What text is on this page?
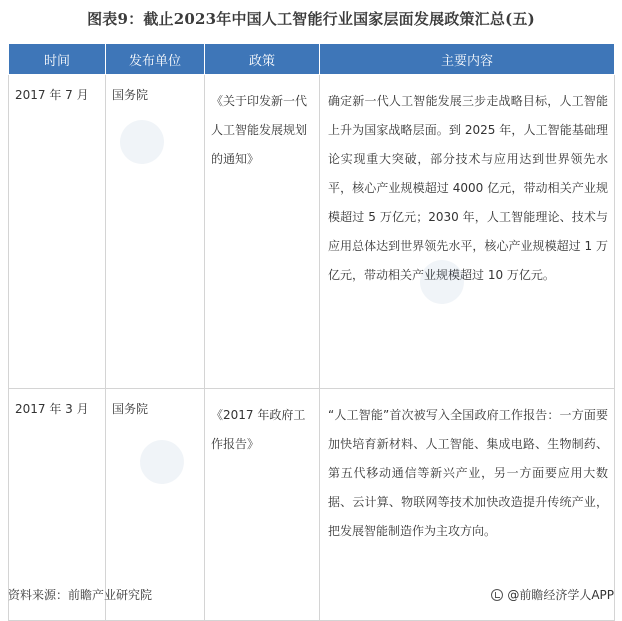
图表9：截止2023年中国人工智能行业国家层面发展政策汇总(五)
时间	发布单位	政策	主要内容
2017 年 7 月	国务院	《关于印发新一代人工智能发展规划的通知》	确定新一代人工智能发展三步走战略目标，人工智能上升为国家战略层面。到 2025 年，人工智能基础理论实现重大突破，部分技术与应用达到世界领先水平，核心产业规模超过 4000 亿元，带动相关产业规模超过 5 万亿元；2030 年，人工智能理论、技术与应用总体达到世界领先水平，核心产业规模超过 1 万亿元，带动相关产业规模超过 10 万亿元。
2017 年 3 月	国务院	《2017 年政府工作报告》	“人工智能”首次被写入全国政府工作报告：一方面要加快培育新材料、人工智能、集成电路、生物制药、第五代移动通信等新兴产业，另一方面要应用大数据、云计算、物联网等技术加快改造提升传统产业，把发展智能制造作为主攻方向。
资料来源：前瞻产业研究院	@前瞻经济学人APP
